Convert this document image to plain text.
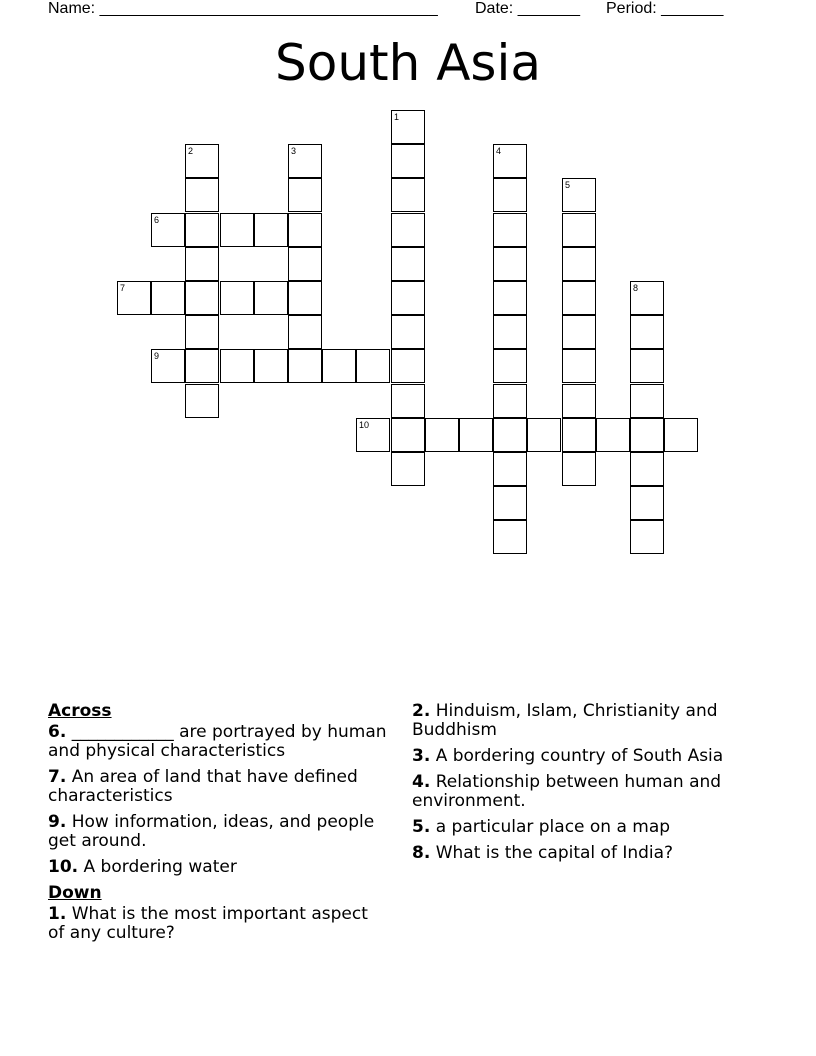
Name: ______________________________________ Date: _______ Period: _______
South Asia
1
2	3	4
5
6
7	8
9
10
Across
6. ____________ are portrayed by human and physical characteristics
7. An area of land that have defined characteristics
9. How information, ideas, and people get around.
10. A bordering water
Down
1. What is the most important aspect of any culture?
2. Hinduism, Islam, Christianity and Buddhism
3. A bordering country of South Asia
4. Relationship between human and environment.
5. a particular place on a map
8. What is the capital of India?
